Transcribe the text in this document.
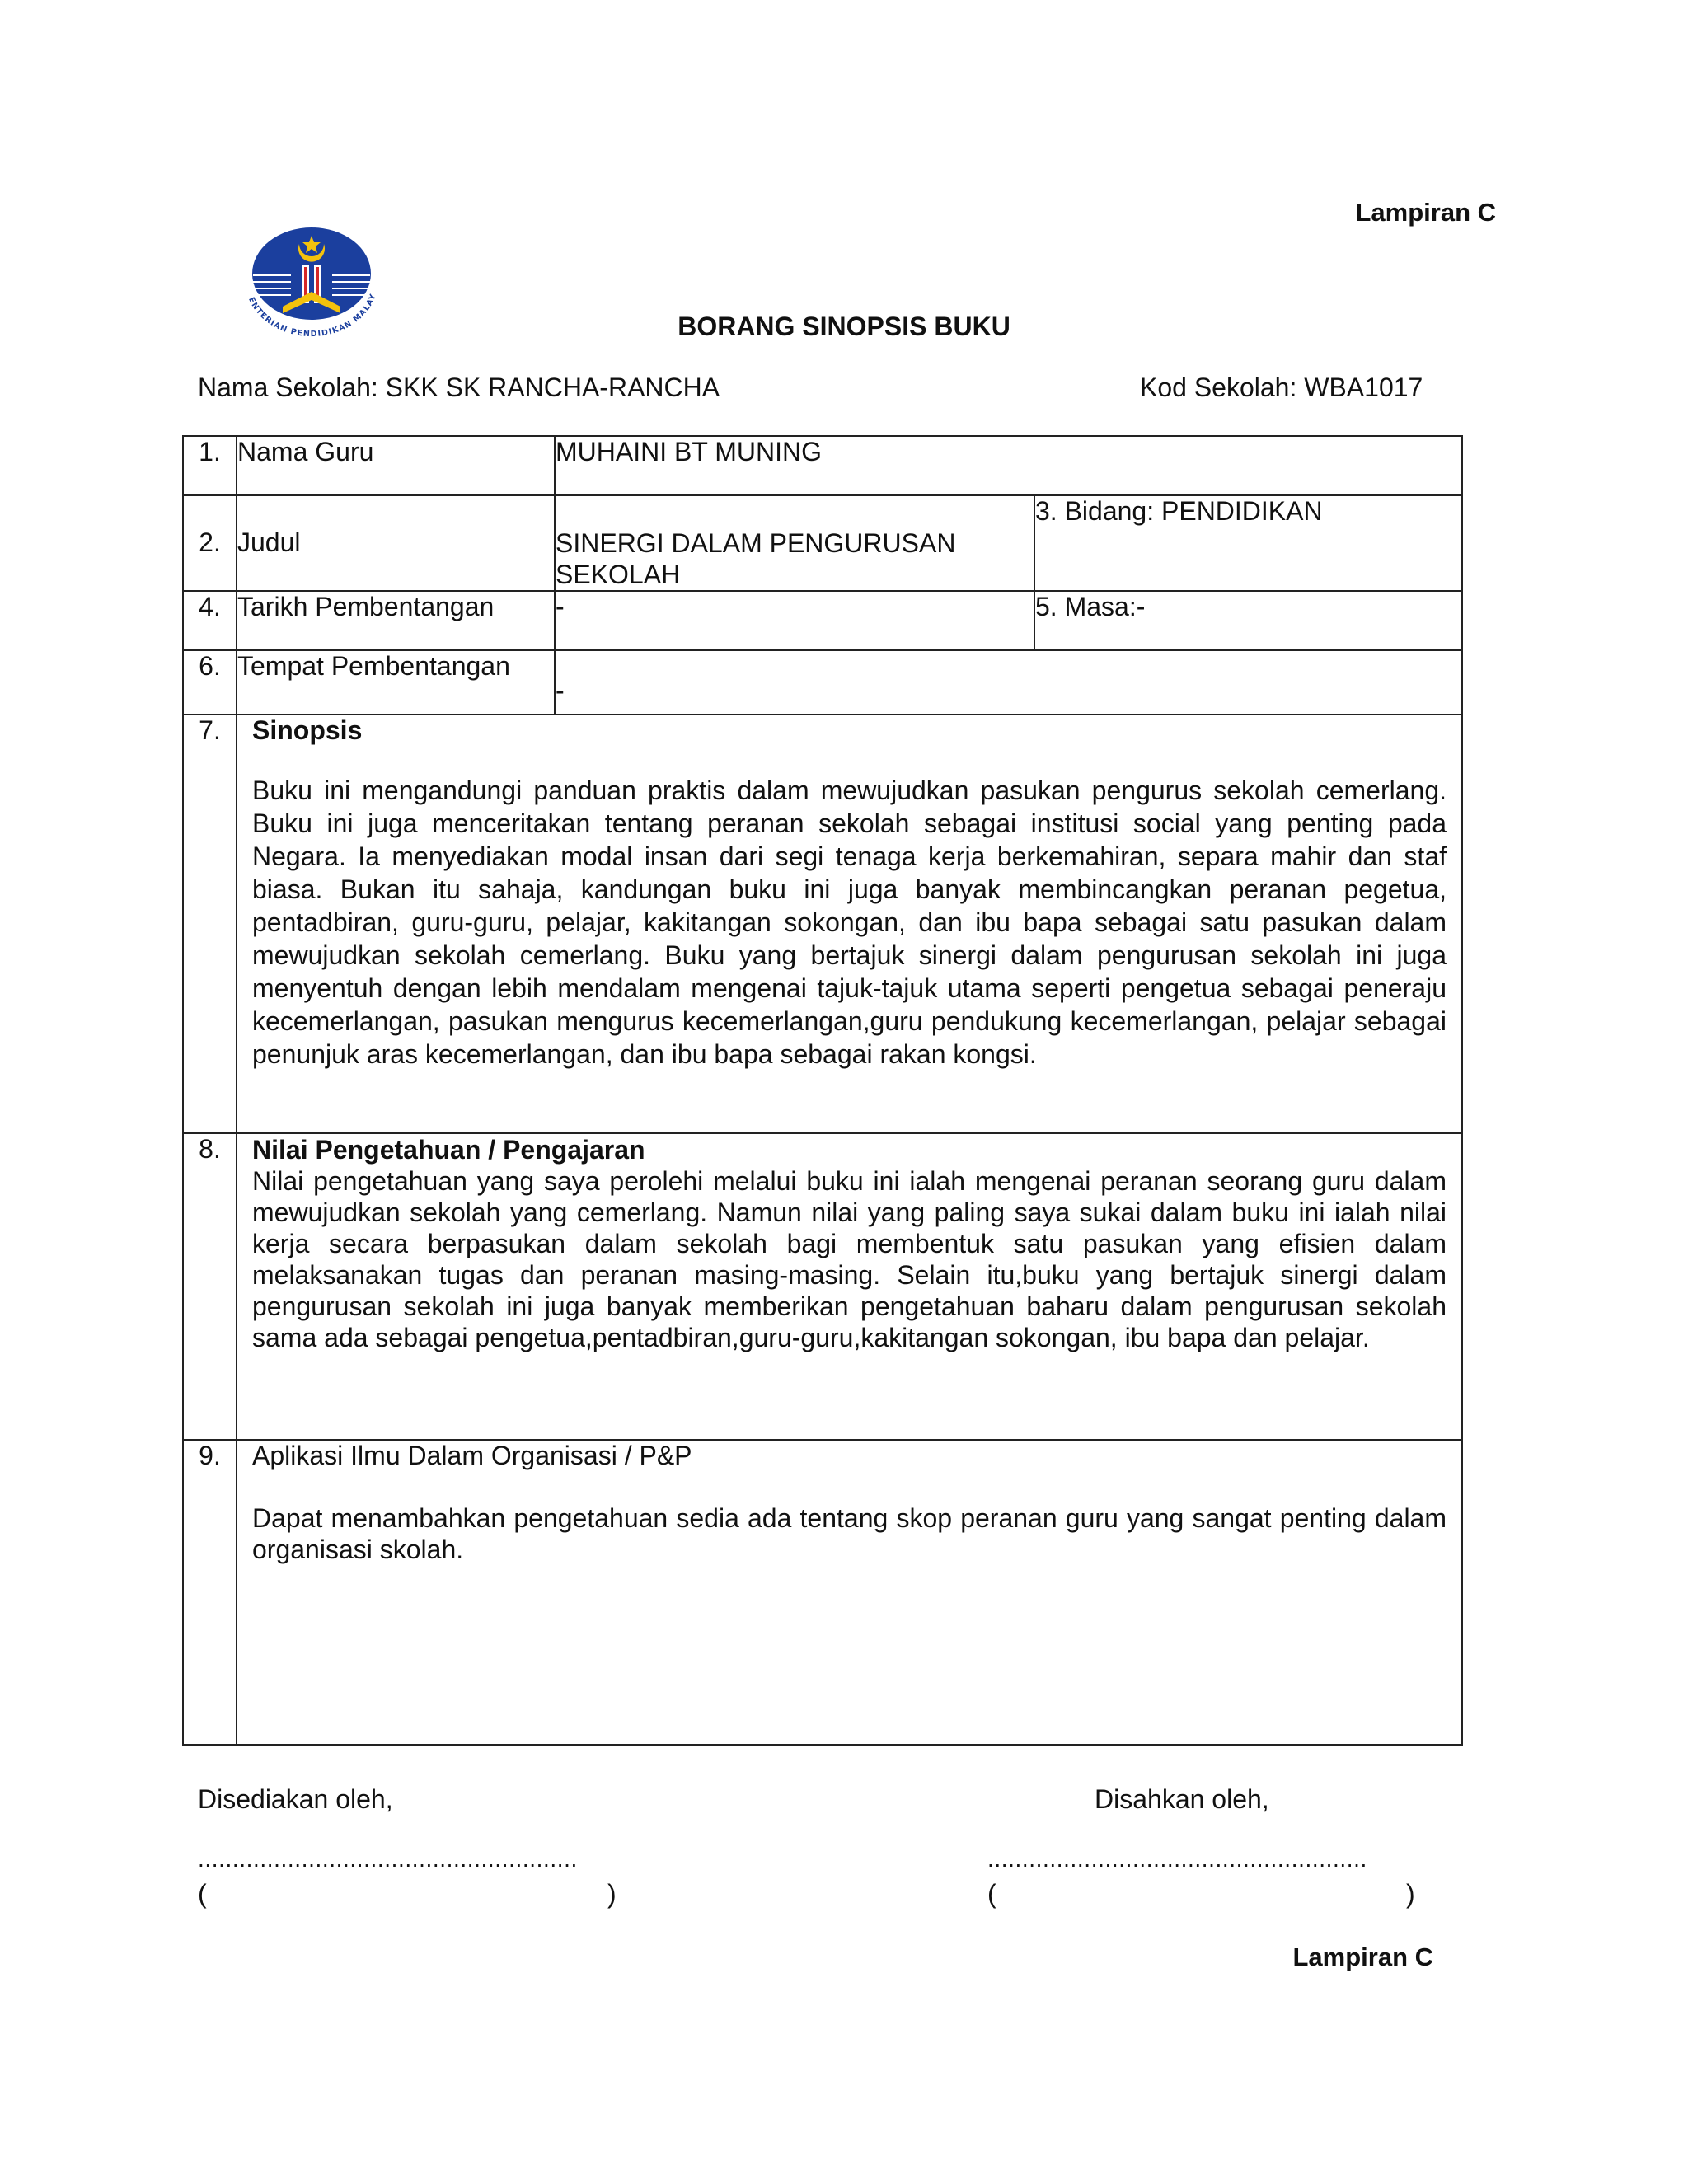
Lampiran C
ENTERIAN PENDIDIKAN MALAY
BORANG SINOPSIS BUKU
Nama Sekolah: SKK SK RANCHA-RANCHA	Kod Sekolah: WBA1017
1.	Nama Guru	MUHAINI BT MUNING	
2.	Judul	SINERGI DALAM PENGURUSAN SEKOLAH	3. Bidang: PENDIDIKAN
4.	Tarikh Pembentangan	-	5. Masa:-
6.	Tempat Pembentangan	-	
7.	Sinopsis

Buku ini mengandungi panduan praktis dalam mewujudkan pasukan pengurus sekolah cemerlang. Buku ini juga menceritakan tentang peranan sekolah sebagai institusi social yang penting pada Negara. Ia menyediakan modal insan dari segi tenaga kerja berkemahiran, separa mahir dan staf biasa. Bukan itu sahaja, kandungan buku ini juga banyak membincangkan peranan pegetua, pentadbiran, guru-guru, pelajar, kakitangan sokongan, dan ibu bapa sebagai satu pasukan dalam mewujudkan sekolah cemerlang. Buku yang bertajuk sinergi dalam pengurusan sekolah ini juga menyentuh dengan lebih mendalam mengenai tajuk-tajuk utama seperti pengetua sebagai peneraju kecemerlangan, pasukan mengurus kecemerlangan,guru pendukung kecemerlangan, pelajar sebagai penunjuk aras kecemerlangan, dan ibu bapa sebagai rakan kongsi.		

8.	Nilai Pengetahuan / Pengajaran

Nilai pengetahuan yang saya perolehi melalui buku ini ialah mengenai peranan seorang guru dalam mewujudkan sekolah yang cemerlang. Namun nilai yang paling saya sukai dalam buku ini ialah nilai kerja secara berpasukan dalam sekolah bagi membentuk satu pasukan yang efisien dalam melaksanakan tugas dan peranan masing-masing. Selain itu,buku yang bertajuk sinergi dalam pengurusan sekolah ini juga banyak memberikan pengetahuan baharu dalam pengurusan sekolah sama ada sebagai pengetua,pentadbiran,guru-guru,kakitangan sokongan, ibu bapa dan pelajar.		

9.	Aplikasi Ilmu Dalam Organisasi / P&P

Dapat menambahkan pengetahuan sedia ada tentang skop peranan guru yang sangat penting dalam organisasi skolah.		

Disediakan oleh,	Disahkan oleh,
.......................................................	.......................................................
(	)	(	)
Lampiran C
